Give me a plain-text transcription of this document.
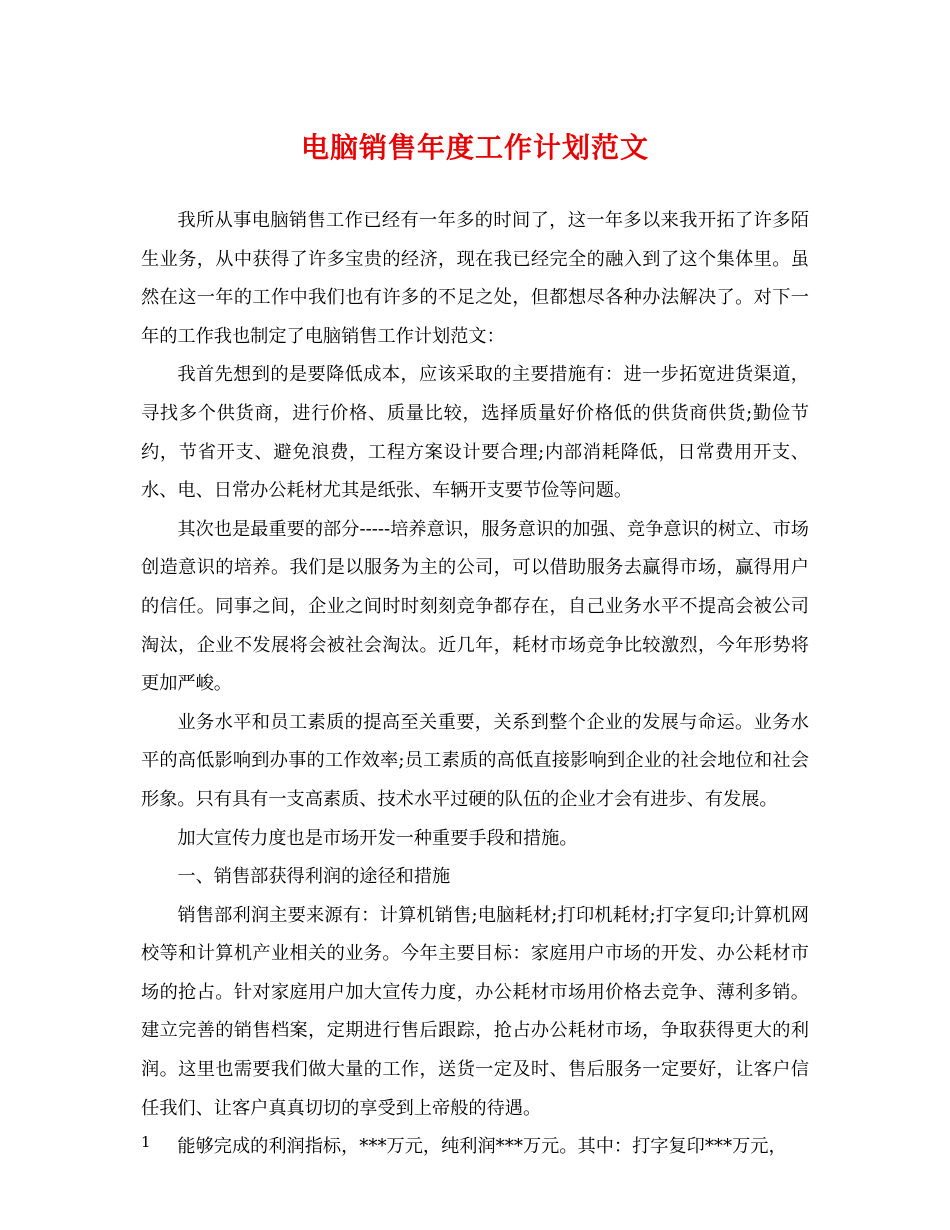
电脑销售年度工作计划范文

我所从事电脑销售工作已经有一年多的时间了，这一年多以来我开拓了许多陌生业务，从中获得了许多宝贵的经济，现在我已经完全的融入到了这个集体里。虽然在这一年的工作中我们也有许多的不足之处，但都想尽各种办法解决了。对下一年的工作我也制定了电脑销售工作计划范文：

我首先想到的是要降低成本，应该采取的主要措施有：进一步拓宽进货渠道，寻找多个供货商，进行价格、质量比较，选择质量好价格低的供货商供货;勤俭节约，节省开支、避免浪费，工程方案设计要合理;内部消耗降低，日常费用开支、水、电、日常办公耗材尤其是纸张、车辆开支要节俭等问题。

其次也是最重要的部分-----培养意识，服务意识的加强、竞争意识的树立、市场创造意识的培养。我们是以服务为主的公司，可以借助服务去赢得市场，赢得用户的信任。同事之间，企业之间时时刻刻竞争都存在，自己业务水平不提高会被公司淘汰，企业不发展将会被社会淘汰。近几年，耗材市场竞争比较激烈，今年形势将更加严峻。

业务水平和员工素质的提高至关重要，关系到整个企业的发展与命运。业务水平的高低影响到办事的工作效率;员工素质的高低直接影响到企业的社会地位和社会形象。只有具有一支高素质、技术水平过硬的队伍的企业才会有进步、有发展。

加大宣传力度也是市场开发一种重要手段和措施。

一、销售部获得利润的途径和措施

销售部利润主要来源有：计算机销售;电脑耗材;打印机耗材;打字复印;计算机网校等和计算机产业相关的业务。今年主要目标：家庭用户市场的开发、办公耗材市场的抢占。针对家庭用户加大宣传力度，办公耗材市场用价格去竞争、薄利多销。建立完善的销售档案，定期进行售后跟踪，抢占办公耗材市场，争取获得更大的利润。这里也需要我们做大量的工作，送货一定及时、售后服务一定要好，让客户信任我们、让客户真真切切的享受到上帝般的待遇。

能够完成的利润指标，***万元，纯利润***万元。其中：打字复印***万元，

1
